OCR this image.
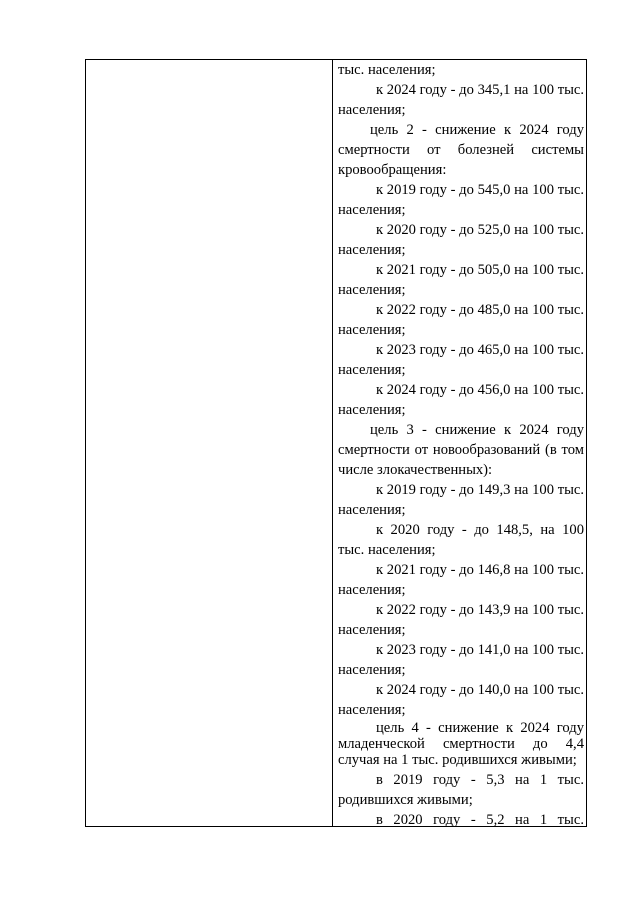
тыс. населения;

к 2024 году - до 345,1 на 100 тыс. населения;

цель 2 - снижение к 2024 году смертности от болезней системы кровообращения:

к 2019 году - до 545,0 на 100 тыс. населения;

к 2020 году - до 525,0 на 100 тыс. населения;

к 2021 году - до 505,0 на 100 тыс. населения;

к 2022 году - до 485,0 на 100 тыс. населения;

к 2023 году - до 465,0 на 100 тыс. населения;

к 2024 году - до 456,0 на 100 тыс. населения;

цель 3 - снижение к 2024 году смертности от новообразований (в том числе злокачественных):

к 2019 году - до 149,3 на 100 тыс. населения;

к 2020 году - до 148,5, на 100 тыс. населения;

к 2021 году - до 146,8 на 100 тыс. населения;

к 2022 году - до 143,9 на 100 тыс. населения;

к 2023 году - до 141,0 на 100 тыс. населения;

к 2024 году - до 140,0 на 100 тыс. населения;

цель 4 - снижение к 2024 году младенческой смертности до 4,4 случая на 1 тыс. родившихся живыми;

в 2019 году - 5,3 на 1 тыс. родившихся живыми;

в 2020 году - 5,2 на 1 тыс.
